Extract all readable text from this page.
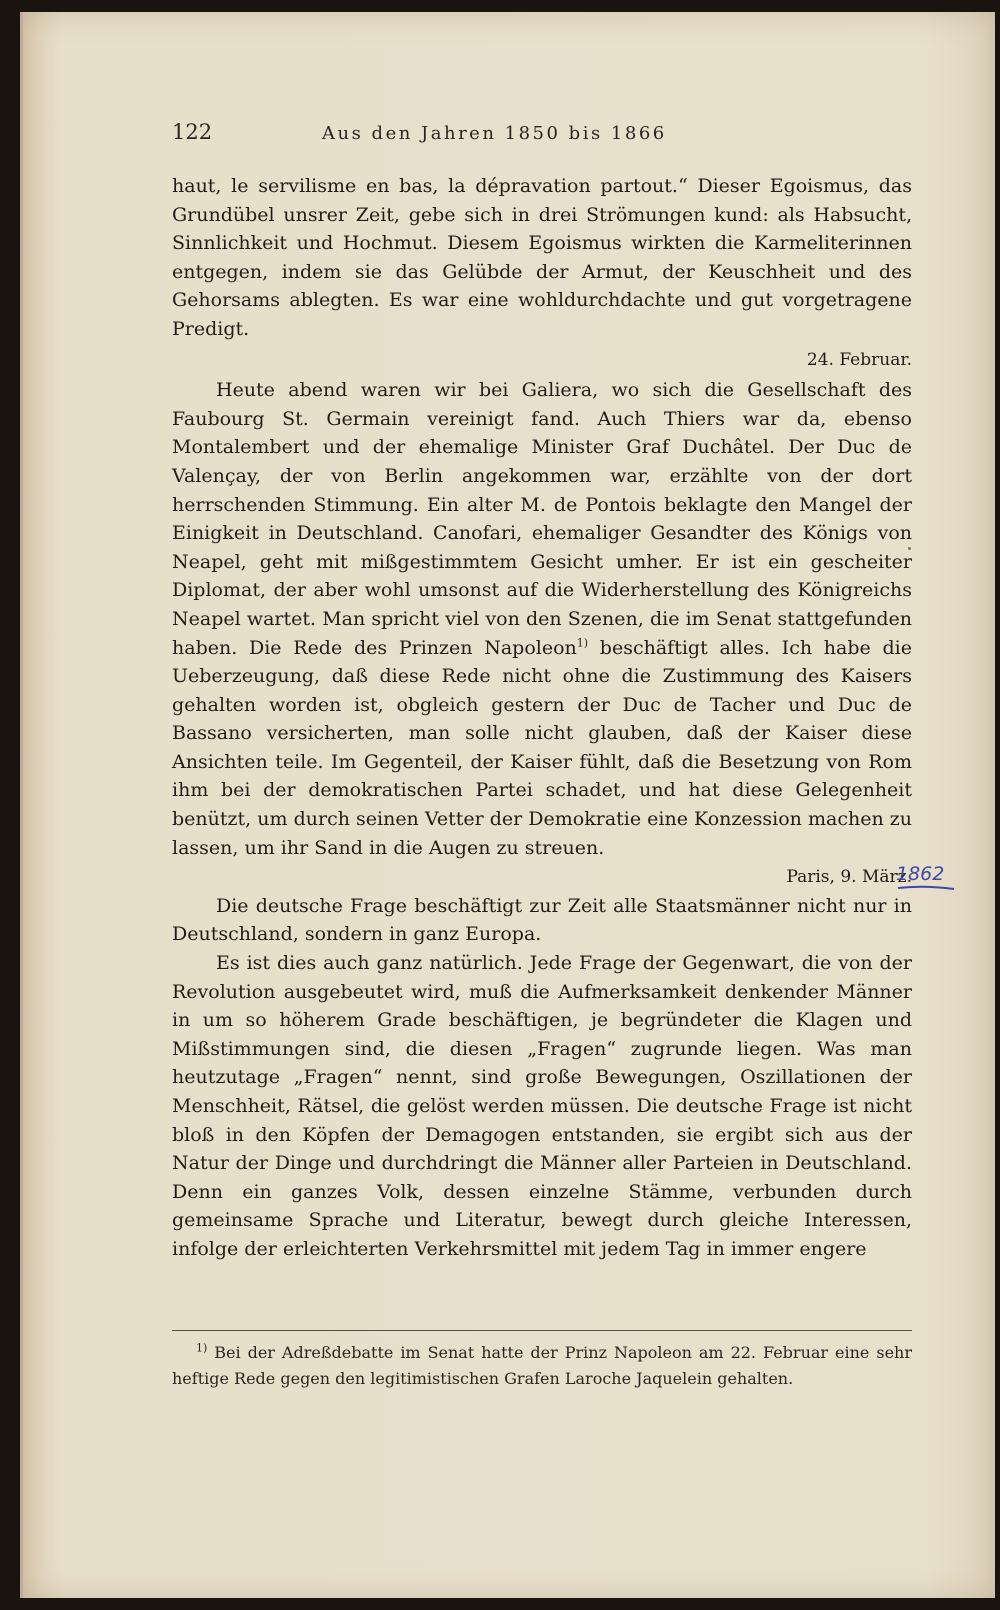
122	Aus den Jahren 1850 bis 1866

haut, le servilisme en bas, la dépravation partout.“ Dieser Egoismus, das Grundübel unsrer Zeit, gebe sich in drei Strömungen kund: als Habsucht, Sinnlichkeit und Hochmut. Diesem Egoismus wirkten die Karmeliterinnen entgegen, indem sie das Gelübde der Armut, der Keuschheit und des Gehorsams ablegten. Es war eine wohldurchdachte und gut vorgetragene Predigt.

24. Februar.

Heute abend waren wir bei Galiera, wo sich die Gesellschaft des Faubourg St. Germain vereinigt fand. Auch Thiers war da, ebenso Montalembert und der ehemalige Minister Graf Duchâtel. Der Duc de Valençay, der von Berlin angekommen war, erzählte von der dort herrschenden Stimmung. Ein alter M. de Pontois beklagte den Mangel der Einigkeit in Deutschland. Canofari, ehemaliger Gesandter des Königs von Neapel, geht mit mißgestimmtem Gesicht umher. Er ist ein gescheiter Diplomat, der aber wohl umsonst auf die Widerherstellung des Königreichs Neapel wartet. Man spricht viel von den Szenen, die im Senat stattgefunden haben. Die Rede des Prinzen Napoleon$^{1)}$ beschäftigt alles. Ich habe die Ueberzeugung, daß diese Rede nicht ohne die Zustimmung des Kaisers gehalten worden ist, obgleich gestern der Duc de Tacher und Duc de Bassano versicherten, man solle nicht glauben, daß der Kaiser diese Ansichten teile. Im Gegenteil, der Kaiser fühlt, daß die Besetzung von Rom ihm bei der demokratischen Partei schadet, und hat diese Gelegenheit benützt, um durch seinen Vetter der Demokratie eine Konzession machen zu lassen, um ihr Sand in die Augen zu streuen.

Paris, 9. März.
1862

Die deutsche Frage beschäftigt zur Zeit alle Staatsmänner nicht nur in Deutschland, sondern in ganz Europa.

Es ist dies auch ganz natürlich. Jede Frage der Gegenwart, die von der Revolution ausgebeutet wird, muß die Aufmerksamkeit denkender Männer in um so höherem Grade beschäftigen, je begründeter die Klagen und Mißstimmungen sind, die diesen „Fragen“ zugrunde liegen. Was man heutzutage „Fragen“ nennt, sind große Bewegungen, Oszillationen der Menschheit, Rätsel, die gelöst werden müssen. Die deutsche Frage ist nicht bloß in den Köpfen der Demagogen entstanden, sie ergibt sich aus der Natur der Dinge und durchdringt die Männer aller Parteien in Deutschland. Denn ein ganzes Volk, dessen einzelne Stämme, verbunden durch gemeinsame Sprache und Literatur, bewegt durch gleiche Interessen, infolge der erleichterten Verkehrsmittel mit jedem Tag in immer engere

$^{1)}$ Bei der Adreßdebatte im Senat hatte der Prinz Napoleon am 22. Februar eine sehr heftige Rede gegen den legitimistischen Grafen Laroche Jaquelein gehalten.
